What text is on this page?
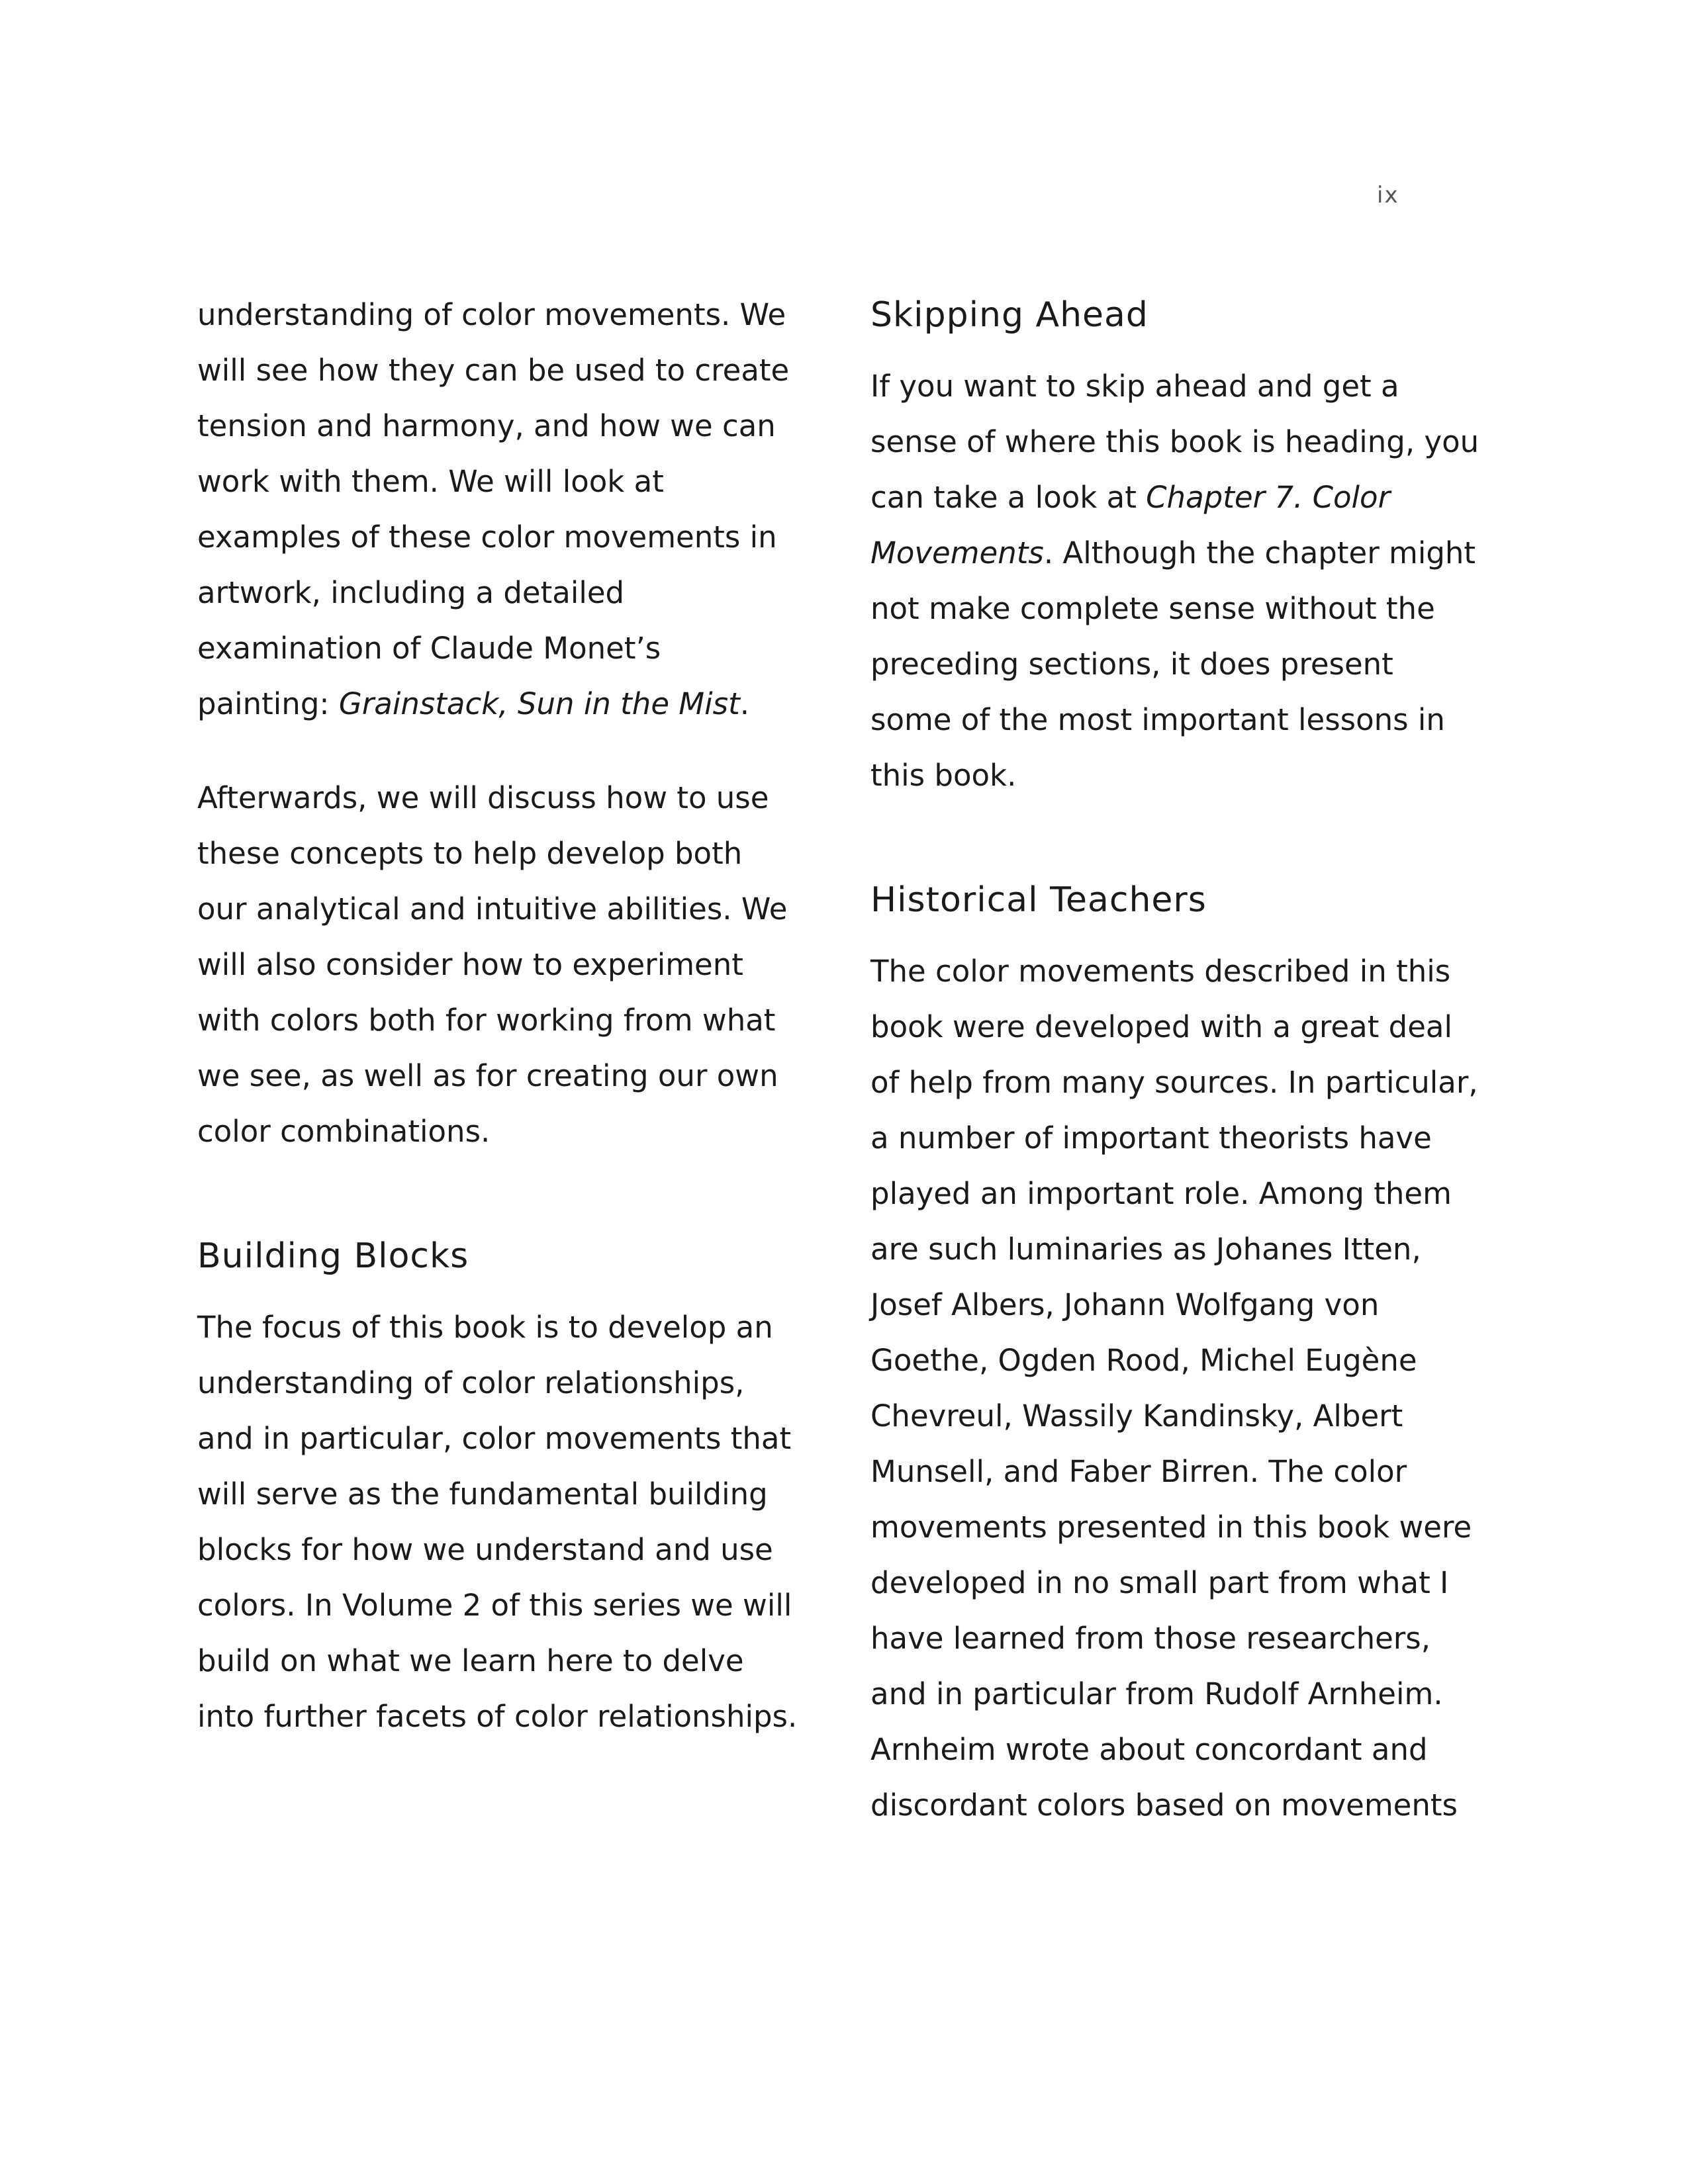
ix

understanding of color movements. We
will see how they can be used to create
tension and harmony, and how we can
work with them. We will look at
examples of these color movements in
artwork, including a detailed
examination of Claude Monet’s
painting: Grainstack, Sun in the Mist.

Afterwards, we will discuss how to use
these concepts to help develop both
our analytical and intuitive abilities. We
will also consider how to experiment
with colors both for working from what
we see, as well as for creating our own
color combinations.

Building Blocks

The focus of this book is to develop an
understanding of color relationships,
and in particular, color movements that
will serve as the fundamental building
blocks for how we understand and use
colors. In Volume 2 of this series we will
build on what we learn here to delve
into further facets of color relationships.

Skipping Ahead

If you want to skip ahead and get a
sense of where this book is heading, you
can take a look at Chapter 7. Color
Movements. Although the chapter might
not make complete sense without the
preceding sections, it does present
some of the most important lessons in
this book.

Historical Teachers

The color movements described in this
book were developed with a great deal
of help from many sources. In particular,
a number of important theorists have
played an important role. Among them
are such luminaries as Johanes Itten,
Josef Albers, Johann Wolfgang von
Goethe, Ogden Rood, Michel Eugène
Chevreul, Wassily Kandinsky, Albert
Munsell, and Faber Birren. The color
movements presented in this book were
developed in no small part from what I
have learned from those researchers,
and in particular from Rudolf Arnheim.
Arnheim wrote about concordant and
discordant colors based on movements
